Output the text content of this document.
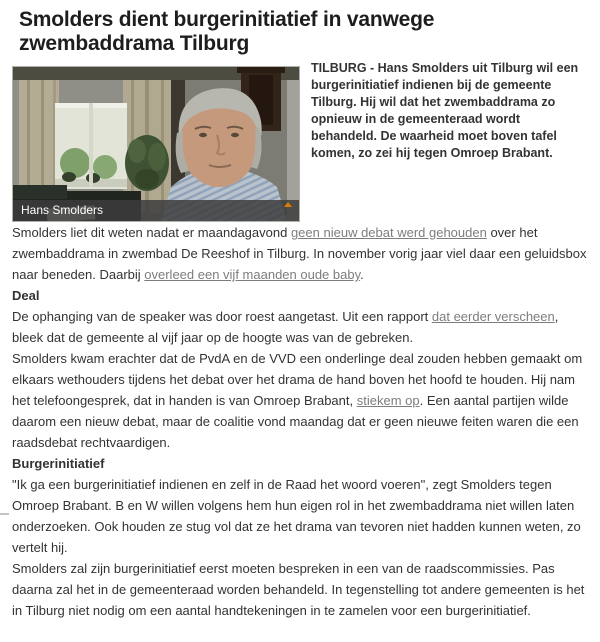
Smolders dient burgerinitiatief in vanwege zwembaddrama Tilburg
Hans Smolders

TILBURG - Hans Smolders uit Tilburg wil een burgerinitiatief indienen bij de gemeente Tilburg. Hij wil dat het zwembaddrama zo opnieuw in de gemeenteraad wordt behandeld. De waarheid moet boven tafel komen, zo zei hij tegen Omroep Brabant.

Smolders liet dit weten nadat er maandagavond geen nieuw debat werd gehouden over het zwembaddrama in zwembad De Reeshof in Tilburg. In november vorig jaar viel daar een geluidsbox naar beneden. Daarbij overleed een vijf maanden oude baby.

Deal

De ophanging van de speaker was door roest aangetast. Uit een rapport dat eerder verscheen, bleek dat de gemeente al vijf jaar op de hoogte was van de gebreken.

Smolders kwam erachter dat de PvdA en de VVD een onderlinge deal zouden hebben gemaakt om elkaars wethouders tijdens het debat over het drama de hand boven het hoofd te houden. Hij nam het telefoongesprek, dat in handen is van Omroep Brabant, stiekem op. Een aantal partijen wilde daarom een nieuw debat, maar de coalitie vond maandag dat er geen nieuwe feiten waren die een raadsdebat rechtvaardigen.

Burgerinitiatief

"Ik ga een burgerinitiatief indienen en zelf in de Raad het woord voeren", zegt Smolders tegen Omroep Brabant. B en W willen volgens hem hun eigen rol in het zwembaddrama niet willen laten onderzoeken. Ook houden ze stug vol dat ze het drama van tevoren niet hadden kunnen weten, zo vertelt hij.

Smolders zal zijn burgerinitiatief eerst moeten bespreken in een van de raadscommissies. Pas daarna zal het in de gemeenteraad worden behandeld. In tegenstelling tot andere gemeenten is het in Tilburg niet nodig om een aantal handtekeningen in te zamelen voor een burgerinitiatief.
